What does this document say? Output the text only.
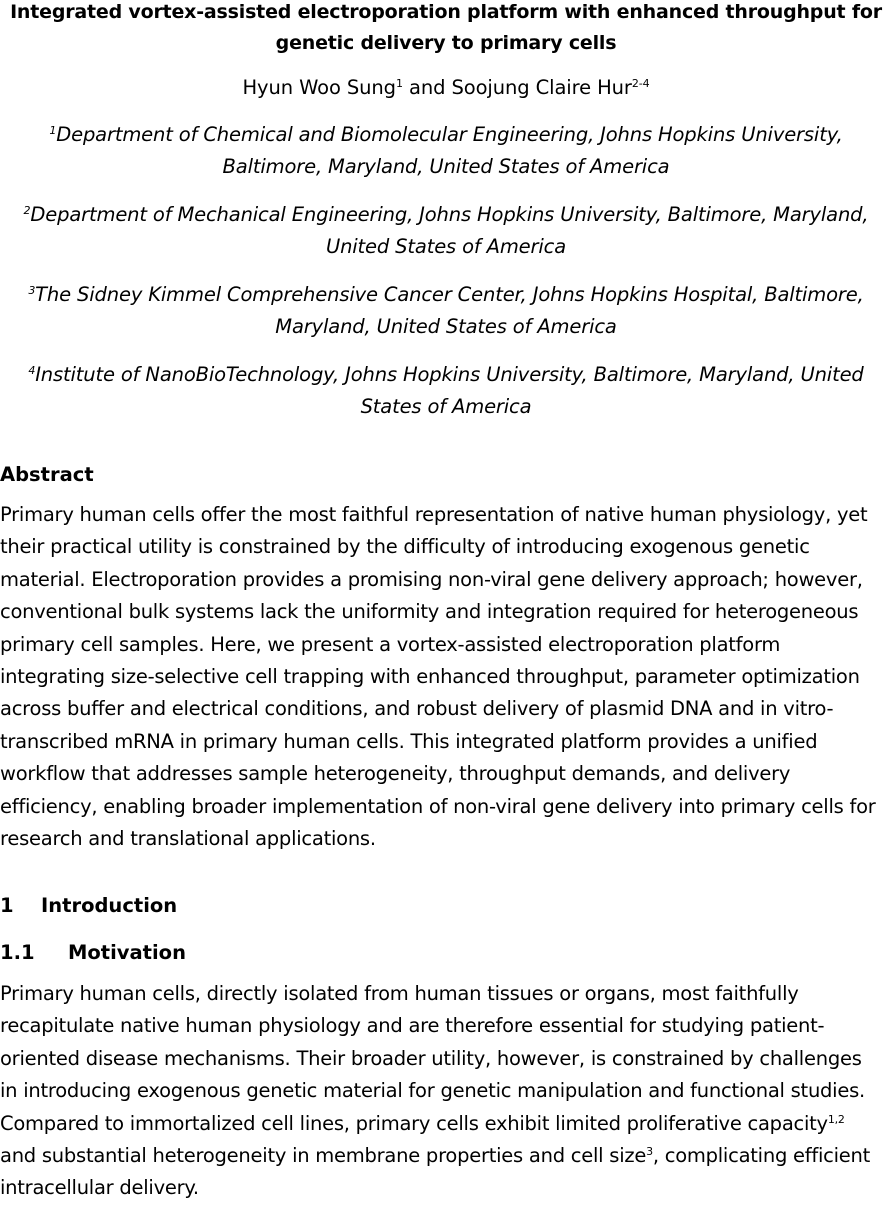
Integrated vortex-assisted electroporation platform with enhanced throughput for
genetic delivery to primary cells
Hyun Woo Sung$^1$ and Soojung Claire Hur$^{2-4}$
$^1$Department of Chemical and Biomolecular Engineering, Johns Hopkins University,
Baltimore, Maryland, United States of America
$^2$Department of Mechanical Engineering, Johns Hopkins University, Baltimore, Maryland,
United States of America
$^3$The Sidney Kimmel Comprehensive Cancer Center, Johns Hopkins Hospital, Baltimore,
Maryland, United States of America
$^4$Institute of NanoBioTechnology, Johns Hopkins University, Baltimore, Maryland, United
States of America
Abstract
Primary human cells offer the most faithful representation of native human physiology, yet
their practical utility is constrained by the difficulty of introducing exogenous genetic
material. Electroporation provides a promising non-viral gene delivery approach; however,
conventional bulk systems lack the uniformity and integration required for heterogeneous
primary cell samples. Here, we present a vortex-assisted electroporation platform
integrating size-selective cell trapping with enhanced throughput, parameter optimization
across buffer and electrical conditions, and robust delivery of plasmid DNA and in vitro-
transcribed mRNA in primary human cells. This integrated platform provides a unified
workflow that addresses sample heterogeneity, throughput demands, and delivery
efficiency, enabling broader implementation of non-viral gene delivery into primary cells for
research and translational applications.
1 Introduction
1.1 Motivation
Primary human cells, directly isolated from human tissues or organs, most faithfully
recapitulate native human physiology and are therefore essential for studying patient-
oriented disease mechanisms. Their broader utility, however, is constrained by challenges
in introducing exogenous genetic material for genetic manipulation and functional studies.
Compared to immortalized cell lines, primary cells exhibit limited proliferative capacity$^{1,2}$
and substantial heterogeneity in membrane properties and cell size$^3$, complicating efficient
intracellular delivery.
